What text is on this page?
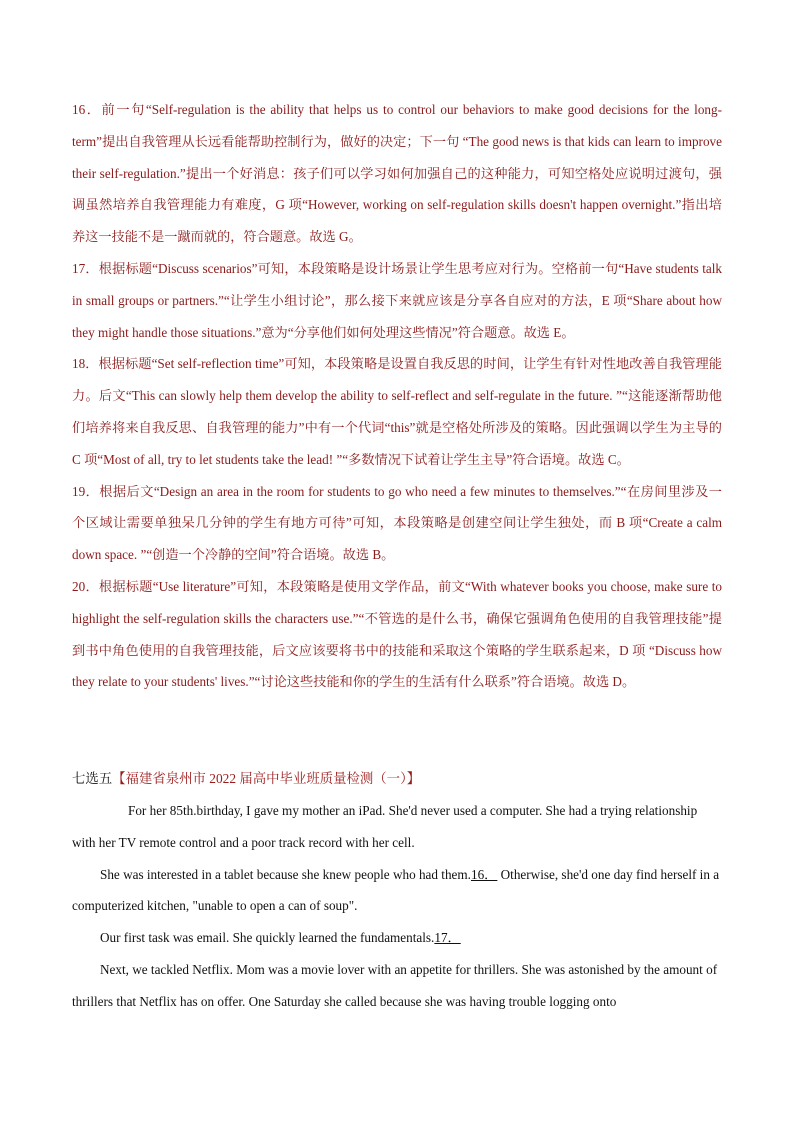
16．前一句“Self-regulation is the ability that helps us to control our behaviors to make good decisions for the long-term”提出自我管理从长远看能帮助控制行为，做好的决定；下一句 “The good news is that kids can learn to improve their self-regulation.”提出一个好消息：孩子们可以学习如何加强自己的这种能力，可知空格处应说明过渡句，强调虽然培养自我管理能力有难度，G 项“However, working on self-regulation skills doesn't happen overnight.”指出培养这一技能不是一蹴而就的，符合题意。故选 G。

17．根据标题“Discuss scenarios”可知，本段策略是设计场景让学生思考应对行为。空格前一句“Have students talk in small groups or partners.”“让学生小组讨论”，那么接下来就应该是分享各自应对的方法，E 项“Share about how they might handle those situations.”意为“分享他们如何处理这些情况”符合题意。故选 E。

18．根据标题“Set self-reflection time”可知，本段策略是设置自我反思的时间，让学生有针对性地改善自我管理能力。后文“This can slowly help them develop the ability to self-reflect and self-regulate in the future. ”“这能逐渐帮助他们培养将来自我反思、自我管理的能力”中有一个代词“this”就是空格处所涉及的策略。因此强调以学生为主导的 C 项“Most of all, try to let students take the lead! ”“多数情况下试着让学生主导”符合语境。故选 C。

19．根据后文“Design an area in the room for students to go who need a few minutes to themselves.”“在房间里涉及一个区域让需要单独呆几分钟的学生有地方可待”可知，本段策略是创建空间让学生独处，而 B 项“Create a calm down space. ”“创造一个冷静的空间”符合语境。故选 B。

20．根据标题“Use literature”可知，本段策略是使用文学作品，前文“With whatever books you choose, make sure to highlight the self-regulation skills the characters use.”“不管选的是什么书，确保它强调角色使用的自我管理技能”提到书中角色使用的自我管理技能，后文应该要将书中的技能和采取这个策略的学生联系起来，D 项 “Discuss how they relate to your students' lives.”“讨论这些技能和你的学生的生活有什么联系”符合语境。故选 D。

七选五【福建省泉州市 2022 届高中毕业班质量检测（一）】

For her 85th.birthday, I gave my mother an iPad. She'd never used a computer. She had a trying relationship with her TV remote control and a poor track record with her cell.

She was interested in a tablet because she knew people who had them.16． Otherwise, she'd one day find herself in a computerized kitchen, "unable to open a can of soup".

Our first task was email. She quickly learned the fundamentals.17．

Next, we tackled Netflix. Mom was a movie lover with an appetite for thrillers. She was astonished by the amount of thrillers that Netflix has on offer. One Saturday she called because she was having trouble logging onto
